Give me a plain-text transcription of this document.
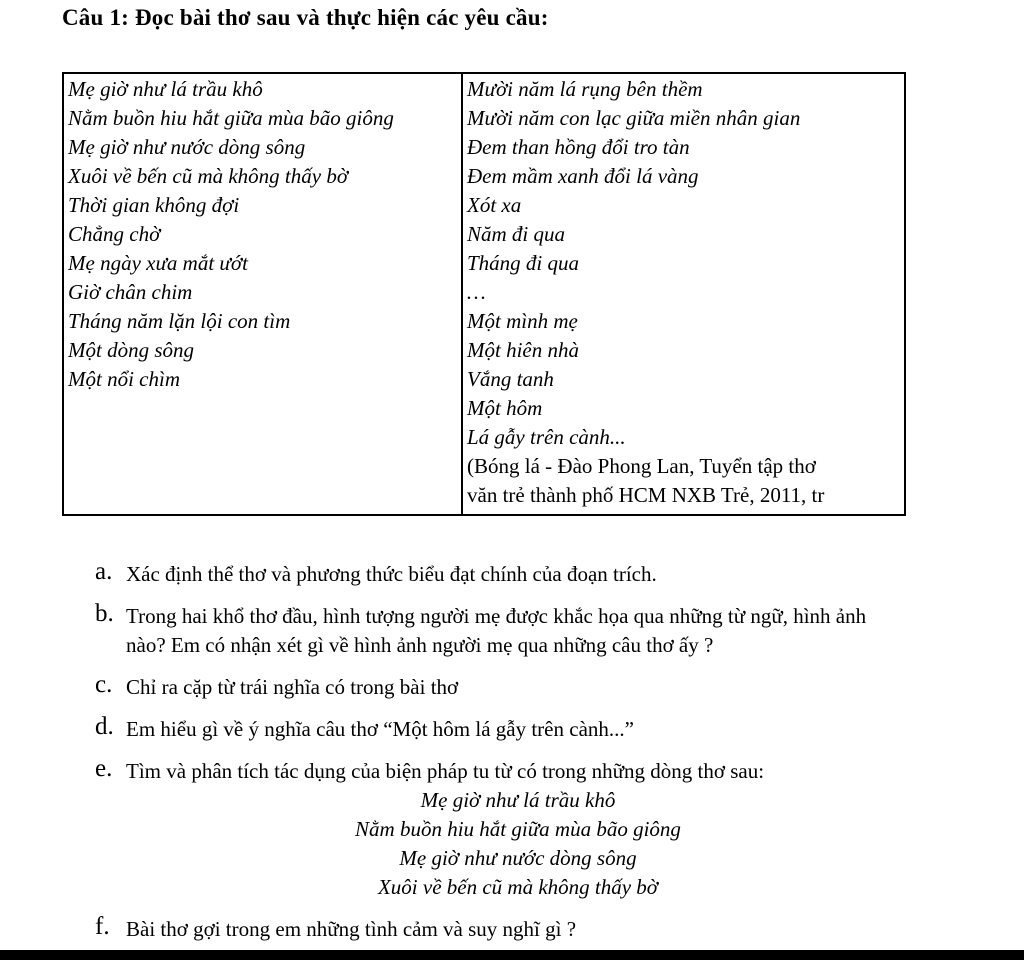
Câu 1: Đọc bài thơ sau và thực hiện các yêu cầu:
Mẹ giờ như lá trầu khô
Nằm buồn hiu hắt giữa mùa bão giông
Mẹ giờ như nước dòng sông
Xuôi về bến cũ mà không thấy bờ
Thời gian không đợi
Chẳng chờ
Mẹ ngày xưa mắt ướt
Giờ chân chim
Tháng năm lặn lội con tìm
Một dòng sông
Một nổi chìm
Mười năm lá rụng bên thềm
Mười năm con lạc giữa miền nhân gian
Đem than hồng đổi tro tàn
Đem mầm xanh đổi lá vàng
Xót xa
Năm đi qua
Tháng đi qua
…
Một mình mẹ
Một hiên nhà
Vắng tanh
Một hôm
Lá gẫy trên cành...
(Bóng lá - Đào Phong Lan, Tuyển tập thơ
văn trẻ thành phố HCM NXB Trẻ, 2011, tr
a. Xác định thể thơ và phương thức biểu đạt chính của đoạn trích.
b. Trong hai khổ thơ đầu, hình tượng người mẹ được khắc họa qua những từ ngữ, hình ảnh nào? Em có nhận xét gì về hình ảnh người mẹ qua những câu thơ ấy ?
c. Chỉ ra cặp từ trái nghĩa có trong bài thơ
d. Em hiểu gì về ý nghĩa câu thơ “Một hôm lá gẫy trên cành...”
e. Tìm và phân tích tác dụng của biện pháp tu từ có trong những dòng thơ sau:
Mẹ giờ như lá trầu khô
Nằm buồn hiu hắt giữa mùa bão giông
Mẹ giờ như nước dòng sông
Xuôi về bến cũ mà không thấy bờ
f. Bài thơ gợi trong em những tình cảm và suy nghĩ gì ?
